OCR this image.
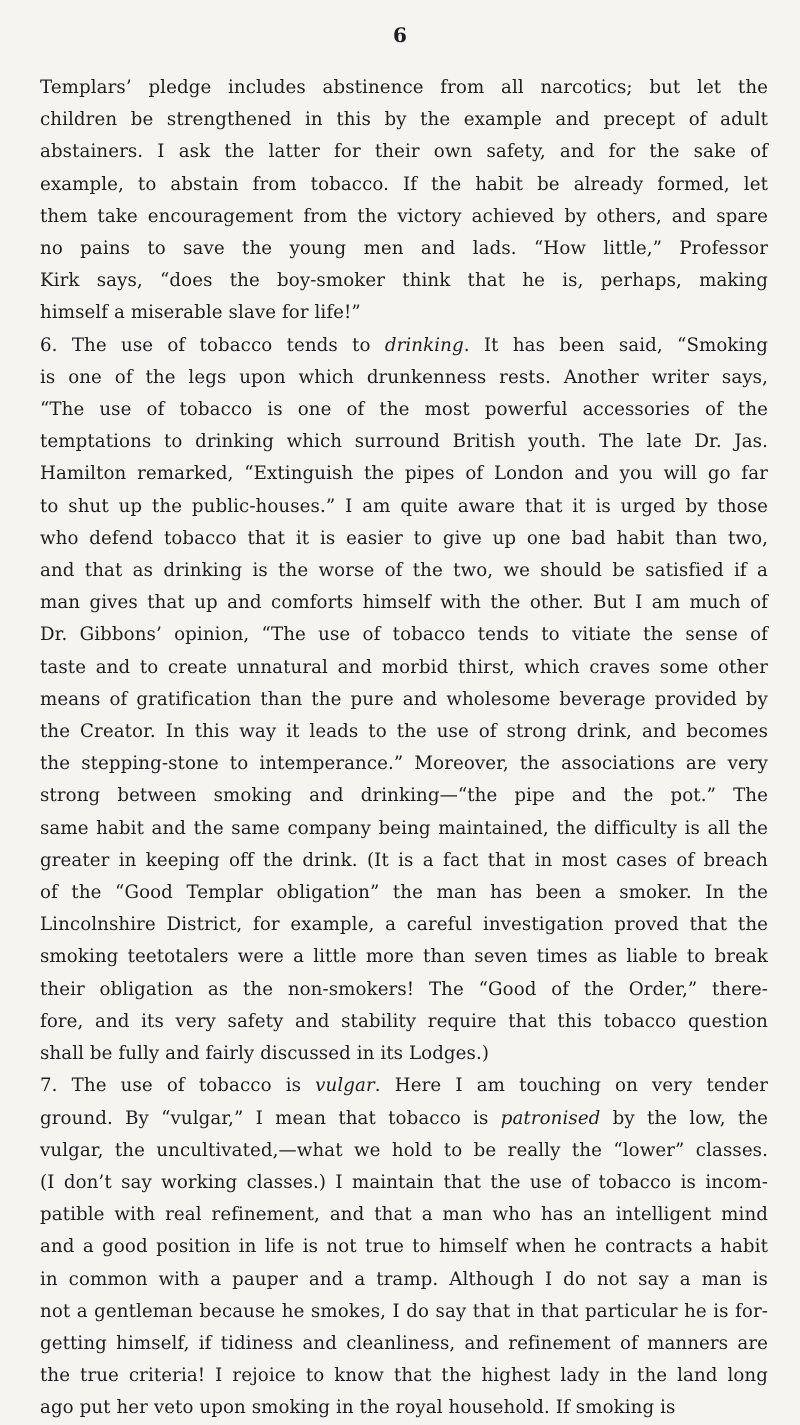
6
Templars’ pledge includes abstinence from all narcotics; but let the
children be strengthened in this by the example and precept of adult
abstainers. I ask the latter for their own safety, and for the sake of
example, to abstain from tobacco. If the habit be already formed, let
them take encouragement from the victory achieved by others, and spare
no pains to save the young men and lads. “How little,” Professor
Kirk says, “does the boy-smoker think that he is, perhaps, making
himself a miserable slave for life!”
6. The use of tobacco tends to drinking. It has been said, “Smoking
is one of the legs upon which drunkenness rests. Another writer says,
“The use of tobacco is one of the most powerful accessories of the
temptations to drinking which surround British youth. The late Dr. Jas.
Hamilton remarked, “Extinguish the pipes of London and you will go far
to shut up the public-houses.” I am quite aware that it is urged by those
who defend tobacco that it is easier to give up one bad habit than two,
and that as drinking is the worse of the two, we should be satisfied if a
man gives that up and comforts himself with the other. But I am much of
Dr. Gibbons’ opinion, “The use of tobacco tends to vitiate the sense of
taste and to create unnatural and morbid thirst, which craves some other
means of gratification than the pure and wholesome beverage provided by
the Creator. In this way it leads to the use of strong drink, and becomes
the stepping-stone to intemperance.” Moreover, the associations are very
strong between smoking and drinking—“the pipe and the pot.” The
same habit and the same company being maintained, the difficulty is all the
greater in keeping off the drink. (It is a fact that in most cases of breach
of the “Good Templar obligation” the man has been a smoker. In the
Lincolnshire District, for example, a careful investigation proved that the
smoking teetotalers were a little more than seven times as liable to break
their obligation as the non-smokers! The “Good of the Order,” there-
fore, and its very safety and stability require that this tobacco question
shall be fully and fairly discussed in its Lodges.)
7. The use of tobacco is vulgar. Here I am touching on very tender
ground. By “vulgar,” I mean that tobacco is patronised by the low, the
vulgar, the uncultivated,—what we hold to be really the “lower” classes.
(I don’t say working classes.) I maintain that the use of tobacco is incom-
patible with real refinement, and that a man who has an intelligent mind
and a good position in life is not true to himself when he contracts a habit
in common with a pauper and a tramp. Although I do not say a man is
not a gentleman because he smokes, I do say that in that particular he is for-
getting himself, if tidiness and cleanliness, and refinement of manners are
the true criteria! I rejoice to know that the highest lady in the land long
ago put her veto upon smoking in the royal household. If smoking is
